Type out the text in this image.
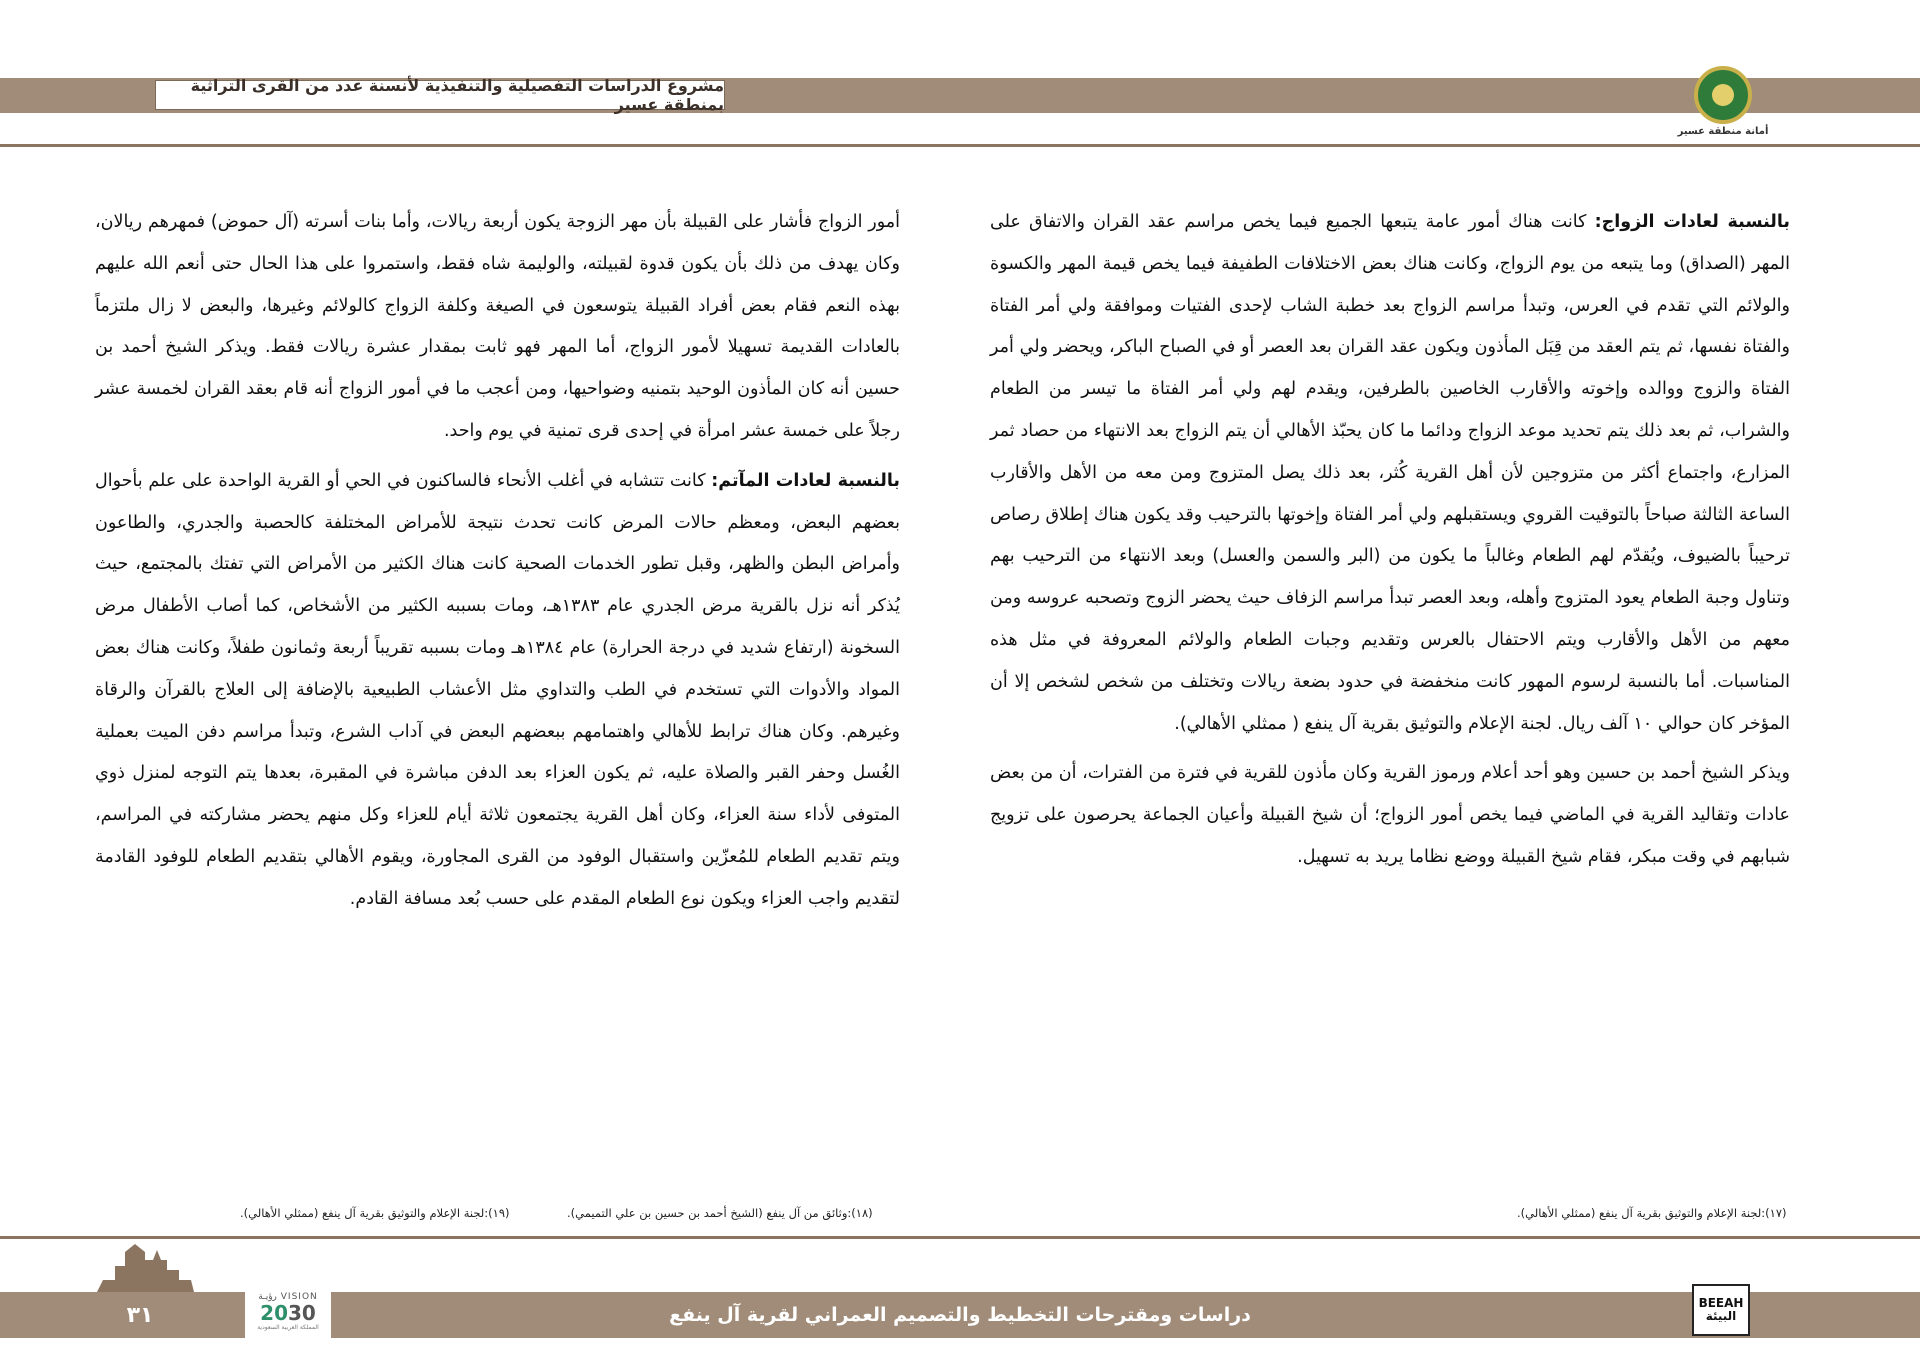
مشروع الدراسات التفصيلية والتنفيذية لأنسنة عدد من القرى التراثية بمنطقة عسير
أمانة منطقة عسير

بالنسبة لعادات الزواج: كانت هناك أمور عامة يتبعها الجميع فيما يخص مراسم عقد القران والاتفاق على المهر (الصداق) وما يتبعه من يوم الزواج، وكانت هناك بعض الاختلافات الطفيفة فيما يخص قيمة المهر والكسوة والولائم التي تقدم في العرس، وتبدأ مراسم الزواج بعد خطبة الشاب لإحدى الفتيات وموافقة ولي أمر الفتاة والفتاة نفسها، ثم يتم العقد من قِبَل المأذون ويكون عقد القران بعد العصر أو في الصباح الباكر، ويحضر ولي أمر الفتاة والزوج ووالده وإخوته والأقارب الخاصين بالطرفين، ويقدم لهم ولي أمر الفتاة ما تيسر من الطعام والشراب، ثم بعد ذلك يتم تحديد موعد الزواج ودائما ما كان يحبّذ الأهالي أن يتم الزواج بعد الانتهاء من حصاد ثمر المزارع، واجتماع أكثر من متزوجين لأن أهل القرية كُثر، بعد ذلك يصل المتزوج ومن معه من الأهل والأقارب الساعة الثالثة صباحاً بالتوقيت القروي ويستقبلهم ولي أمر الفتاة وإخوتها بالترحيب وقد يكون هناك إطلاق رصاص ترحيباً بالضيوف، ويُقدّم لهم الطعام وغالباً ما يكون من (البر والسمن والعسل) وبعد الانتهاء من الترحيب بهم وتناول وجبة الطعام يعود المتزوج وأهله، وبعد العصر تبدأ مراسم الزفاف حيث يحضر الزوج وتصحبه عروسه ومن معهم من الأهل والأقارب ويتم الاحتفال بالعرس وتقديم وجبات الطعام والولائم المعروفة في مثل هذه المناسبات. أما بالنسبة لرسوم المهور كانت منخفضة في حدود بضعة ريالات وتختلف من شخص لشخص إلا أن المؤخر كان حوالي ١٠ آلف ريال. لجنة الإعلام والتوثيق بقرية آل ينفع ( ممثلي الأهالي).

ويذكر الشيخ أحمد بن حسين وهو أحد أعلام ورموز القرية وكان مأذون للقرية في فترة من الفترات، أن من بعض عادات وتقاليد القرية في الماضي فيما يخص أمور الزواج؛ أن شيخ القبيلة وأعيان الجماعة يحرصون على تزويج شبابهم في وقت مبكر، فقام شيخ القبيلة ووضع نظاما يريد به تسهيل.

أمور الزواج فأشار على القبيلة بأن مهر الزوجة يكون أربعة ريالات، وأما بنات أسرته (آل حموض) فمهرهم ريالان، وكان يهدف من ذلك بأن يكون قدوة لقبيلته، والوليمة شاه فقط، واستمروا على هذا الحال حتى أنعم الله عليهم بهذه النعم فقام بعض أفراد القبيلة يتوسعون في الصيغة وكلفة الزواج كالولائم وغيرها، والبعض لا زال ملتزماً بالعادات القديمة تسهيلا لأمور الزواج، أما المهر فهو ثابت بمقدار عشرة ريالات فقط. ويذكر الشيخ أحمد بن حسين أنه كان المأذون الوحيد بتمنيه وضواحيها، ومن أعجب ما في أمور الزواج أنه قام بعقد القران لخمسة عشر رجلاً على خمسة عشر امرأة في إحدى قرى تمنية في يوم واحد.

بالنسبة لعادات المآتم: كانت تتشابه في أغلب الأنحاء فالساكنون في الحي أو القرية الواحدة على علم بأحوال بعضهم البعض، ومعظم حالات المرض كانت تحدث نتيجة للأمراض المختلفة كالحصبة والجدري، والطاعون وأمراض البطن والظهر، وقبل تطور الخدمات الصحية كانت هناك الكثير من الأمراض التي تفتك بالمجتمع، حيث يُذكر أنه نزل بالقرية مرض الجدري عام ١٣٨٣هـ، ومات بسببه الكثير من الأشخاص، كما أصاب الأطفال مرض السخونة (ارتفاع شديد في درجة الحرارة) عام ١٣٨٤هـ ومات بسببه تقريباً أربعة وثمانون طفلاً، وكانت هناك بعض المواد والأدوات التي تستخدم في الطب والتداوي مثل الأعشاب الطبيعية بالإضافة إلى العلاج بالقرآن والرقاة وغيرهم. وكان هناك ترابط للأهالي واهتمامهم ببعضهم البعض في آداب الشرع، وتبدأ مراسم دفن الميت بعملية الغُسل وحفر القبر والصلاة عليه، ثم يكون العزاء بعد الدفن مباشرة في المقبرة، بعدها يتم التوجه لمنزل ذوي المتوفى لأداء سنة العزاء، وكان أهل القرية يجتمعون ثلاثة أيام للعزاء وكل منهم يحضر مشاركته في المراسم، ويتم تقديم الطعام للمُعزّين واستقبال الوفود من القرى المجاورة، ويقوم الأهالي بتقديم الطعام للوفود القادمة لتقديم واجب العزاء ويكون نوع الطعام المقدم على حسب بُعد مسافة القادم.

(١٧):لجنة الإعلام والتوثيق بقرية آل ينفع (ممثلي الأهالي).
(١٨):وثائق من آل ينفع (الشيخ أحمد بن حسين بن علي التميمي).
(١٩):لجنة الإعلام والتوثيق بقرية آل ينفع (ممثلي الأهالي).
٣١
VISION رؤيـة
2030
المملكة العربية السعودية
دراسات ومقترحات التخطيط والتصميم العمراني لقرية آل ينفع
BEEAH
البيئة
